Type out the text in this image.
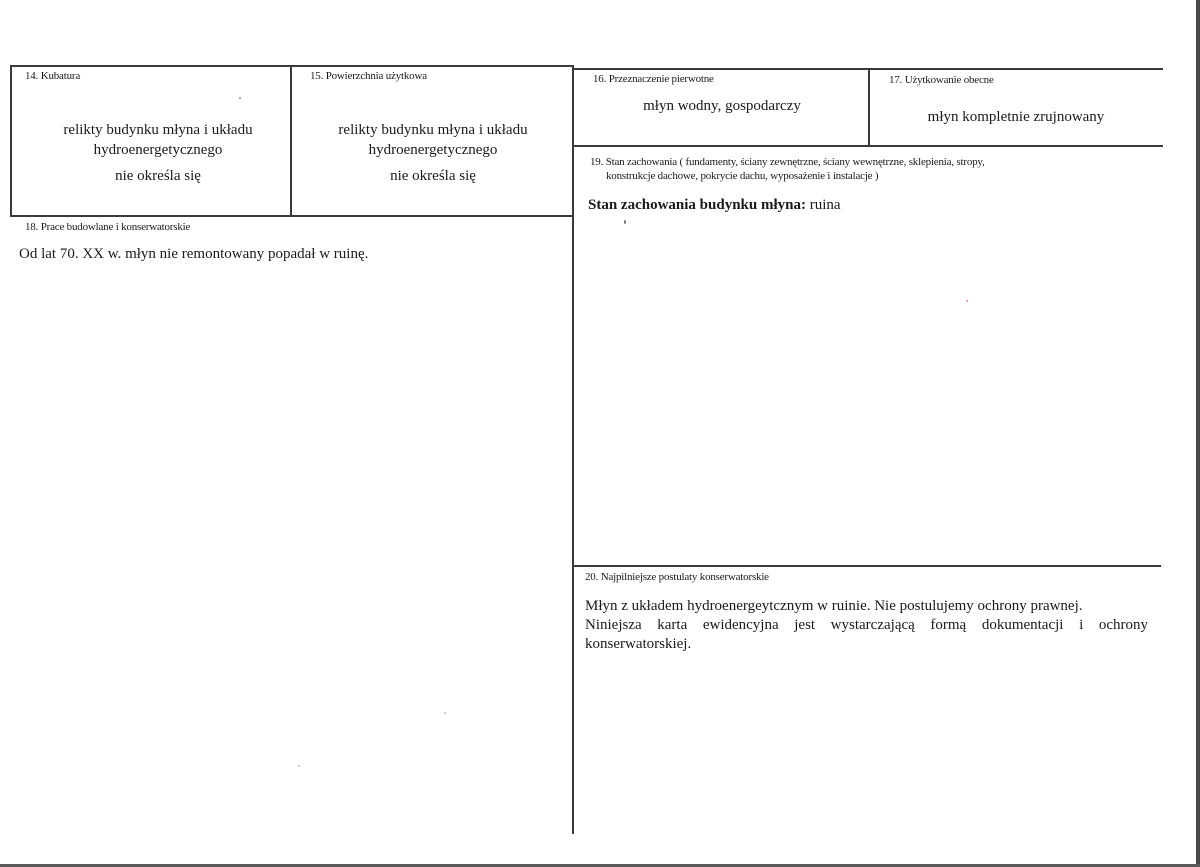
14. Kubatura

relikty budynku młyna i układu hydroenergetycznego

nie określa się

15. Powierzchnia użytkowa

relikty budynku młyna i układu hydroenergetycznego

nie określa się

16. Przeznaczenie pierwotne
młyn wodny, gospodarczy
17. Użytkowanie obecne
młyn kompletnie zrujnowany
18. Prace budowlane i konserwatorskie
Od lat 70. XX w. młyn nie remontowany popadał w ruinę.
19. Stan zachowania ( fundamenty, ściany zewnętrzne, ściany wewnętrzne, sklepienia, stropy,
konstrukcje dachowe, pokrycie dachu, wyposażenie i instalacje )
Stan zachowania budynku młyna: ruina
20. Najpilniejsze postulaty konserwatorskie
Młyn z układem hydroenergeytcznym w ruinie. Nie postulujemy ochrony prawnej.
Niniejsza karta ewidencyjna jest wystarczającą formą dokumentacji i ochrony konserwatorskiej.
